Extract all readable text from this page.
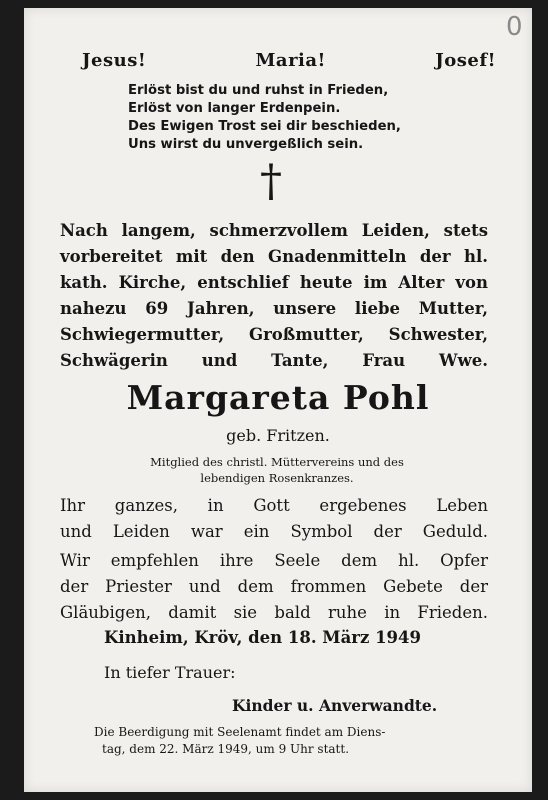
0
Jesus!	Maria!	Josef!
Erlöst bist du und ruhst in Frieden,
Erlöst von langer Erdenpein.
Des Ewigen Trost sei dir beschieden,
Uns wirst du unvergeßlich sein.
†
Nach langem, schmerzvollem Leiden, stets
vorbereitet mit den Gnadenmitteln der hl.
kath. Kirche, entschlief heute im Alter von
nahezu 69 Jahren, unsere liebe Mutter,
Schwiegermutter, Großmutter, Schwester,
Schwägerin und Tante, Frau Wwe.
Margareta Pohl
geb. Fritzen.
Mitglied des christl. Müttervereins und des
lebendigen Rosenkranzes.
Ihr ganzes, in Gott ergebenes Leben
und Leiden war ein Symbol der Geduld.
Wir empfehlen ihre Seele dem hl. Opfer
der Priester und dem frommen Gebete der
Gläubigen, damit sie bald ruhe in Frieden.
Kinheim, Kröv, den 18. März 1949
In tiefer Trauer:
Kinder u. Anverwandte.
Die Beerdigung mit Seelenamt findet am Diens-
tag, dem 22. März 1949, um 9 Uhr statt.
